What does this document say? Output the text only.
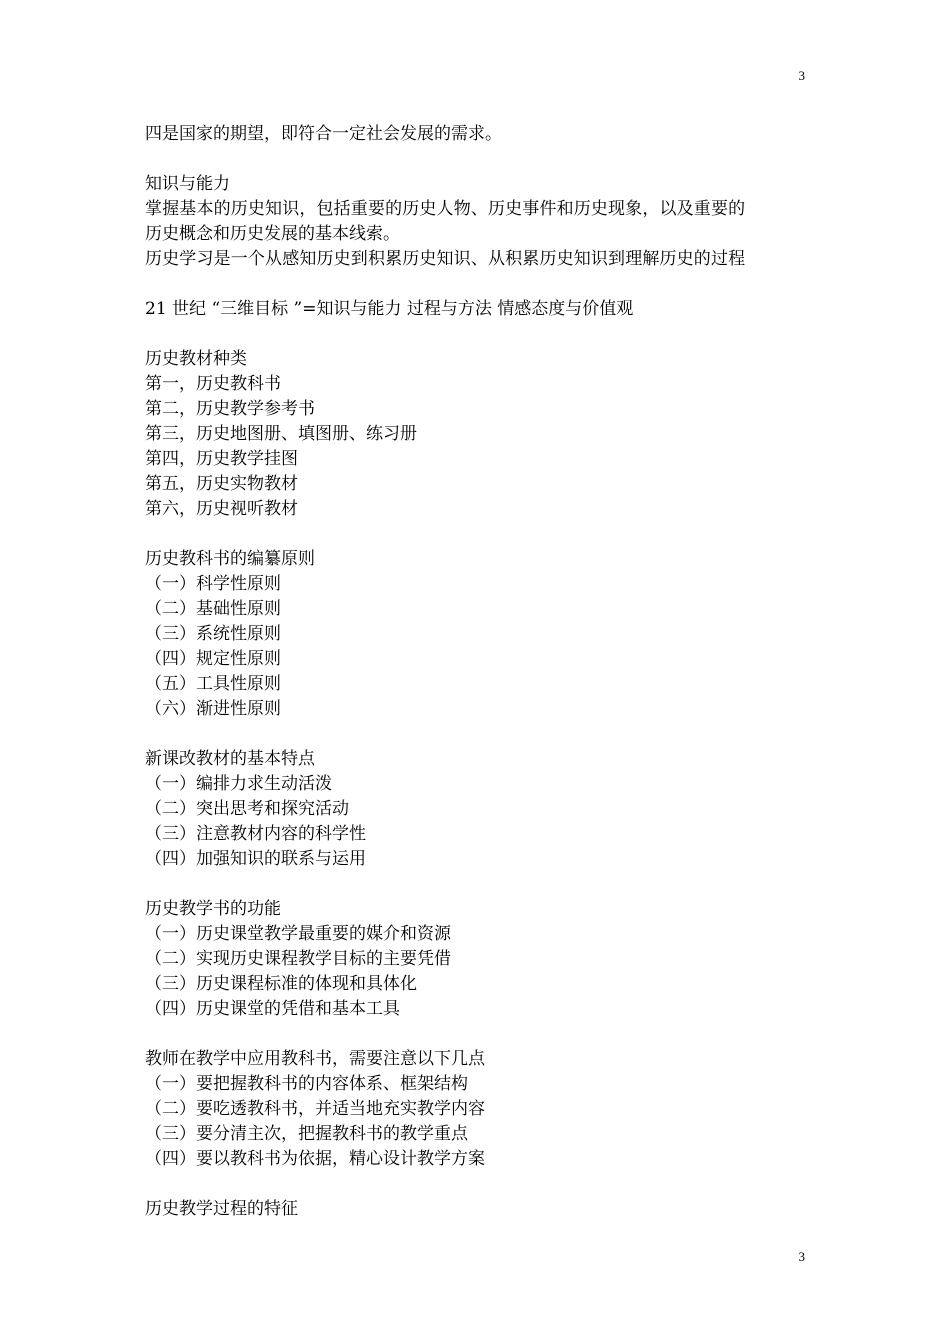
3
四是国家的期望，即符合一定社会发展的需求。
知识与能力
掌握基本的历史知识，包括重要的历史人物、历史事件和历史现象，以及重要的
历史概念和历史发展的基本线索。
历史学习是一个从感知历史到积累历史知识、从积累历史知识到理解历史的过程
21 世纪 “三维目标 ”=知识与能力 过程与方法 情感态度与价值观
历史教材种类
第一，历史教科书
第二，历史教学参考书
第三，历史地图册、填图册、练习册
第四，历史教学挂图
第五，历史实物教材
第六，历史视听教材
历史教科书的编纂原则
（一）科学性原则
（二）基础性原则
（三）系统性原则
（四）规定性原则
（五）工具性原则
（六）渐进性原则
新课改教材的基本特点
（一）编排力求生动活泼
（二）突出思考和探究活动
（三）注意教材内容的科学性
（四）加强知识的联系与运用
历史教学书的功能
（一）历史课堂教学最重要的媒介和资源
（二）实现历史课程教学目标的主要凭借
（三）历史课程标准的体现和具体化
（四）历史课堂的凭借和基本工具
教师在教学中应用教科书，需要注意以下几点
（一）要把握教科书的内容体系、框架结构
（二）要吃透教科书，并适当地充实教学内容
（三）要分清主次，把握教科书的教学重点
（四）要以教科书为依据，精心设计教学方案
历史教学过程的特征
3
